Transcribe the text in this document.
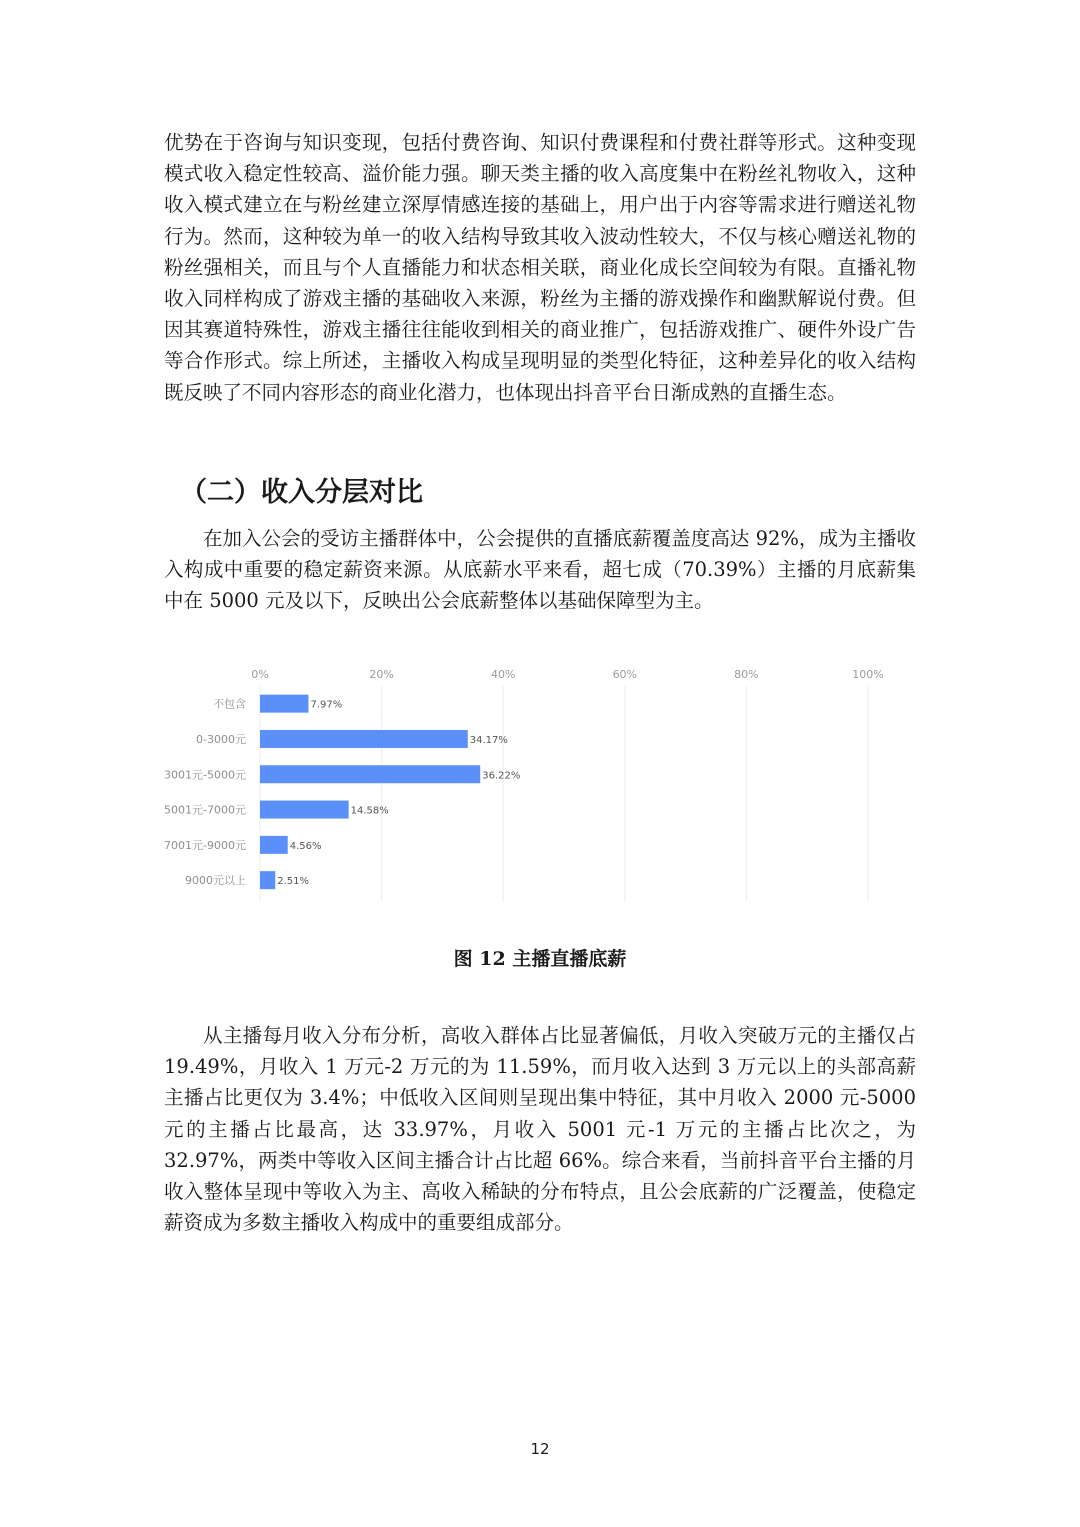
优势在于咨询与知识变现，包括付费咨询、知识付费课程和付费社群等形式。这种变现模式收入稳定性较高、溢价能力强。聊天类主播的收入高度集中在粉丝礼物收入，这种收入模式建立在与粉丝建立深厚情感连接的基础上，用户出于内容等需求进行赠送礼物行为。然而，这种较为单一的收入结构导致其收入波动性较大，不仅与核心赠送礼物的粉丝强相关，而且与个人直播能力和状态相关联，商业化成长空间较为有限。直播礼物收入同样构成了游戏主播的基础收入来源，粉丝为主播的游戏操作和幽默解说付费。但因其赛道特殊性，游戏主播往往能收到相关的商业推广，包括游戏推广、硬件外设广告等合作形式。综上所述，主播收入构成呈现明显的类型化特征，这种差异化的收入结构既反映了不同内容形态的商业化潜力，也体现出抖音平台日渐成熟的直播生态。

（二）收入分层对比

在加入公会的受访主播群体中，公会提供的直播底薪覆盖度高达 92%，成为主播收入构成中重要的稳定薪资来源。从底薪水平来看，超七成（70.39%）主播的月底薪集中在 5000 元及以下，反映出公会底薪整体以基础保障型为主。

0%	20%	40%	60%	80%	100%
不包含
0-3000元
3001元-5000元
5001元-7000元
7001元-9000元
9000元以上
7.97%
34.17%
36.22%
14.58%
4.56%
2.51%
图 12 主播直播底薪

从主播每月收入分布分析，高收入群体占比显著偏低，月收入突破万元的主播仅占 19.49%，月收入 1 万元-2 万元的为 11.59%，而月收入达到 3 万元以上的头部高薪主播占比更仅为 3.4%；中低收入区间则呈现出集中特征，其中月收入 2000 元-5000 元的主播占比最高，达 33.97%，月收入 5001 元-1 万元的主播占比次之，为 32.97%，两类中等收入区间主播合计占比超 66%。综合来看，当前抖音平台主播的月收入整体呈现中等收入为主、高收入稀缺的分布特点，且公会底薪的广泛覆盖，使稳定薪资成为多数主播收入构成中的重要组成部分。

12
